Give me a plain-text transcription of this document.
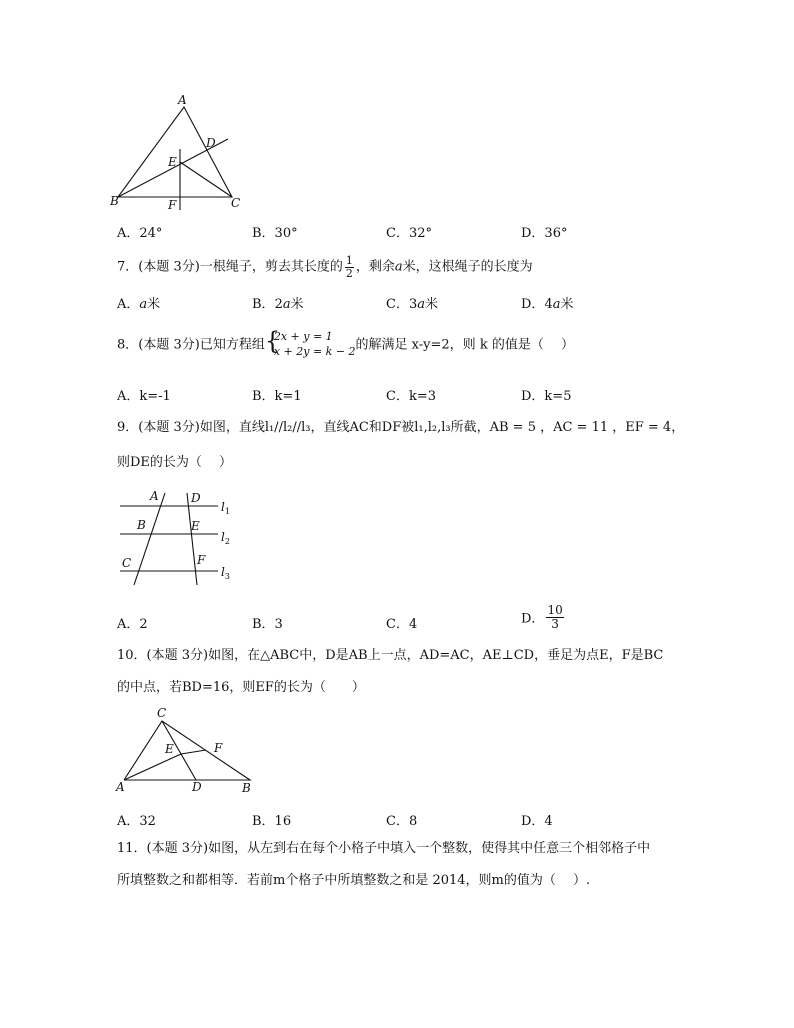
A
D
E
B	C
F
A．24°	B．30°	C．32°	D．36°
7．(本题 3分)一根绳子，剪去其长度的 $\frac{1}{2}$ ，剩余a米，这根绳子的长度为
A．a米	B．2a米	C．3a米	D．4a米
8．(本题 3分)已知方程组 {
2x + y = 1
x + 2y = k − 2 的解满足 x-y=2，则 k 的值是（　 ）
A．k=-1	B．k=1	C．k=3	D．k=5
9．(本题 3分)如图，直线l₁//l₂//l₃，直线AC和DF被l₁,l₂,l₃所截，AB = 5 ，AC = 11 ，EF = 4，
则DE的长为（　 ）
A	D
B	E
C	F
$l_1$
$l_2$
$l_3$
A．2	B．3	C．4	D． $\frac{10}{3}$
10．(本题 3分)如图，在△ABC中，D是AB上一点，AD=AC，AE⊥CD，垂足为点E，F是BC
的中点，若BD=16，则EF的长为（　　）
C
E	F
A	D	B
A．32	B．16	C．8	D．4
11．(本题 3分)如图，从左到右在每个小格子中填入一个整数，使得其中任意三个相邻格子中
所填整数之和都相等．若前m个格子中所填整数之和是 2014，则m的值为（　 ）.
